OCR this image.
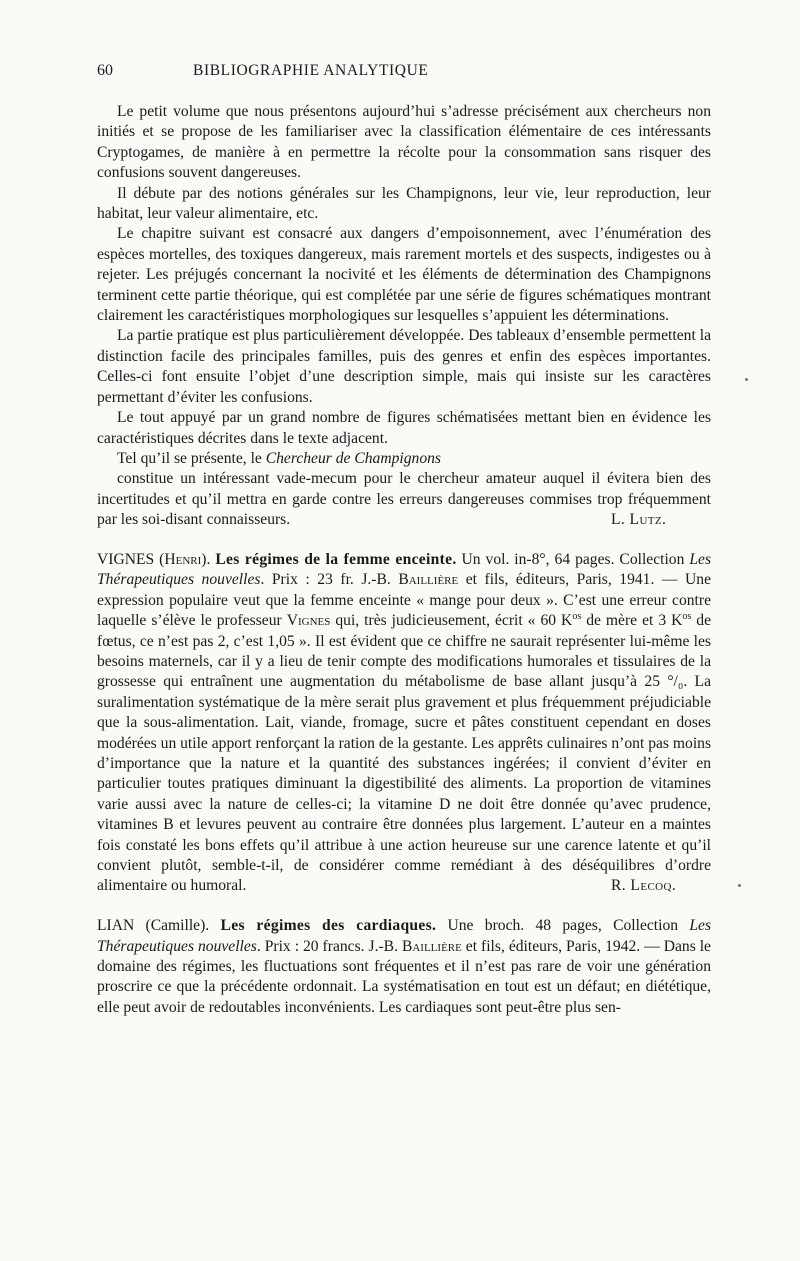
60	BIBLIOGRAPHIE ANALYTIQUE

Le petit volume que nous présentons aujourd’hui s’adresse précisément aux chercheurs non initiés et se propose de les familiariser avec la classification élémentaire de ces intéressants Cryptogames, de manière à en permettre la récolte pour la consommation sans risquer des confusions souvent dangereuses.

Il débute par des notions générales sur les Champignons, leur vie, leur reproduction, leur habitat, leur valeur alimentaire, etc.

Le chapitre suivant est consacré aux dangers d’empoisonnement, avec l’énumération des espèces mortelles, des toxiques dangereux, mais rarement mortels et des suspects, indigestes ou à rejeter. Les préjugés concernant la nocivité et les éléments de détermination des Champignons terminent cette partie théorique, qui est complétée par une série de figures schématiques montrant clairement les caractéristiques morphologiques sur lesquelles s’appuient les déterminations.

La partie pratique est plus particulièrement développée. Des tableaux d’ensemble permettent la distinction facile des principales familles, puis des genres et enfin des espèces importantes. Celles-ci font ensuite l’objet d’une description simple, mais qui insiste sur les caractères permettant d’éviter les confusions.

Le tout appuyé par un grand nombre de figures schématisées mettant bien en évidence les caractéristiques décrites dans le texte adjacent.

Tel qu’il se présente, le Chercheur de Champignons
constitue un intéressant vade-mecum pour le chercheur amateur auquel il évitera bien des incertitudes et qu’il mettra en garde contre les erreurs dangereuses commises trop fréquemment par les soi-disant connaisseurs.	L. Lutz.

VIGNES (Henri). Les régimes de la femme enceinte. Un vol. in-8°, 64 pages. Collection Les Thérapeutiques nouvelles. Prix : 23 fr. J.-B. Baillière et fils, éditeurs, Paris, 1941. — Une expression populaire veut que la femme enceinte « mange pour deux ». C’est une erreur contre laquelle s’élève le professeur Vignes qui, très judicieusement, écrit « 60 $K^{os}$ de mère et 3 $K^{os}$ de fœtus, ce n’est pas 2, c’est 1,05 ». Il est évident que ce chiffre ne saurait représenter lui-même les besoins maternels, car il y a lieu de tenir compte des modifications humorales et tissulaires de la grossesse qui entraînent une augmentation du métabolisme de base allant jusqu’à 25 °/₀. La suralimentation systématique de la mère serait plus gravement et plus fréquemment préjudiciable que la sous-alimentation. Lait, viande, fromage, sucre et pâtes constituent cependant en doses modérées un utile apport renforçant la ration de la gestante. Les apprêts culinaires n’ont pas moins d’importance que la nature et la quantité des substances ingérées; il convient d’éviter en particulier toutes pratiques diminuant la digestibilité des aliments. La proportion de vitamines varie aussi avec la nature de celles-ci; la vitamine D ne doit être donnée qu’avec prudence, vitamines B et levures peuvent au contraire être données plus largement. L’auteur en a maintes fois constaté les bons effets qu’il attribue à une action heureuse sur une carence latente et qu’il convient plutôt, semble-t-il, de considérer comme remédiant à des déséquilibres d’ordre alimentaire ou humoral.	R. Lecoq.

LIAN (Camille). Les régimes des cardiaques. Une broch. 48 pages, Collection Les Thérapeutiques nouvelles. Prix : 20 francs. J.-B. Baillière et fils, éditeurs, Paris, 1942. — Dans le domaine des régimes, les fluctuations sont fréquentes et il n’est pas rare de voir une génération proscrire ce que la précédente ordonnait. La systématisation en tout est un défaut; en diététique, elle peut avoir de redoutables inconvénients. Les cardiaques sont peut-être plus sen-
